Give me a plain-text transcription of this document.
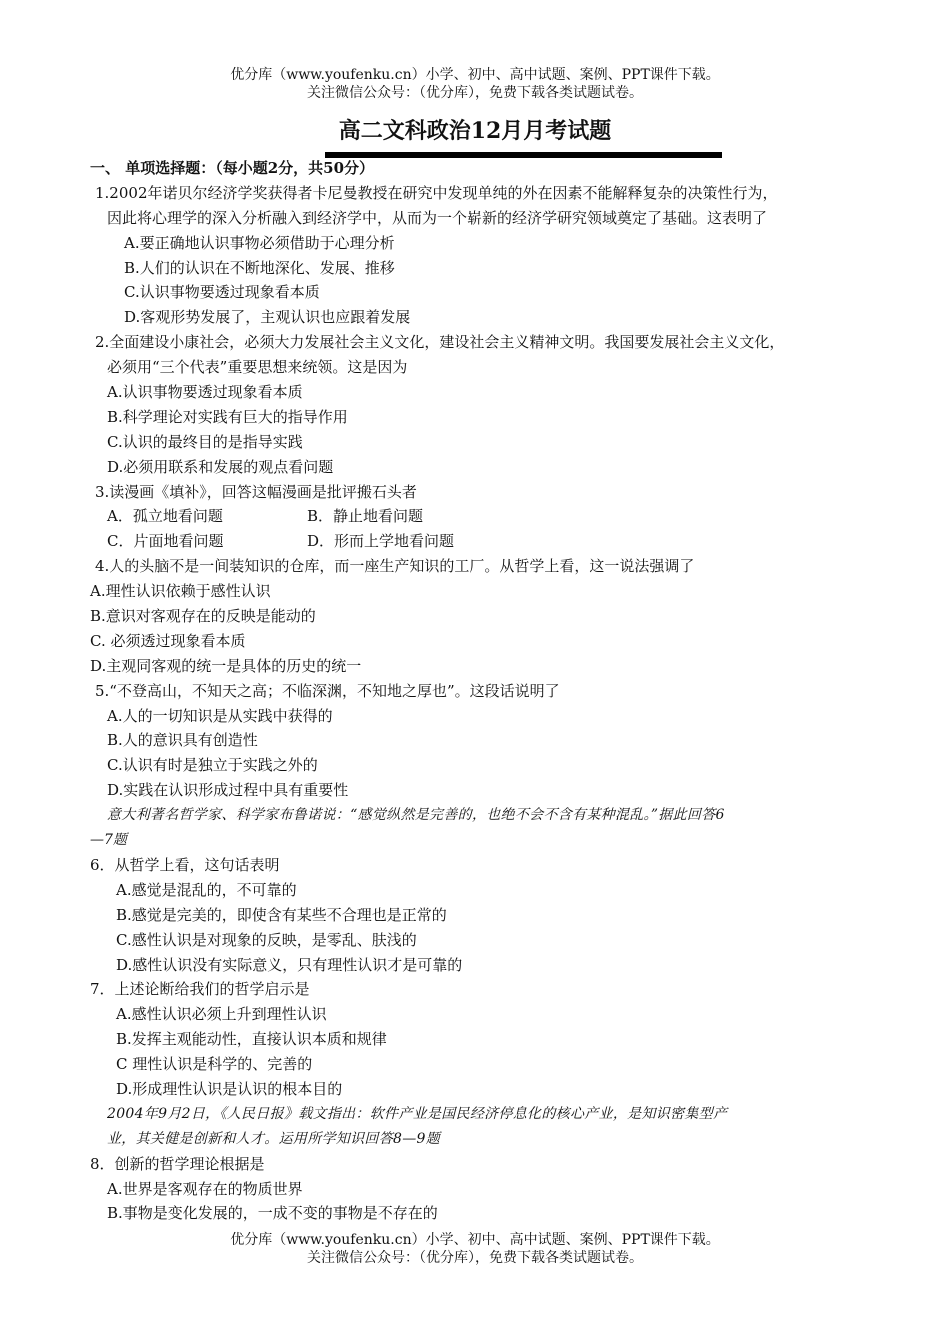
优分库（www.youfenku.cn）小学、初中、高中试题、案例、PPT课件下载。
关注微信公众号：（优分库），免费下载各类试题试卷。
高二文科政治12月月考试题
一、 单项选择题：（每小题2分，共50分）
1.2002年诺贝尔经济学奖获得者卡尼曼教授在研究中发现单纯的外在因素不能解释复杂的决策性行为，
因此将心理学的深入分析融入到经济学中，从而为一个崭新的经济学研究领域奠定了基础。这表明了
A.要正确地认识事物必须借助于心理分析
B.人们的认识在不断地深化、发展、推移
C.认识事物要透过现象看本质
D.客观形势发展了，主观认识也应跟着发展
2.全面建设小康社会，必须大力发展社会主义文化，建设社会主义精神文明。我国要发展社会主义文化，
必须用“三个代表”重要思想来统领。这是因为
A.认识事物要透过现象看本质
B.科学理论对实践有巨大的指导作用
C.认识的最终目的是指导实践
D.必须用联系和发展的观点看问题
3.读漫画《填补》，回答这幅漫画是批评搬石头者
A．孤立地看问题	B．静止地看问题
C．片面地看问题	D．形而上学地看问题
4.人的头脑不是一间装知识的仓库，而一座生产知识的工厂。从哲学上看，这一说法强调了
A.理性认识依赖于感性认识
B.意识对客观存在的反映是能动的
C. 必须透过现象看本质
D.主观同客观的统一是具体的历史的统一
5.“不登高山，不知天之高；不临深渊，不知地之厚也”。这段话说明了
A.人的一切知识是从实践中获得的
B.人的意识具有创造性
C.认识有时是独立于实践之外的
D.实践在认识形成过程中具有重要性
意大利著名哲学家、科学家布鲁诺说：“感觉纵然是完善的，也绝不会不含有某种混乱。”据此回答6
—7题
6．从哲学上看，这句话表明
A.感觉是混乱的，不可靠的
B.感觉是完美的，即使含有某些不合理也是正常的
C.感性认识是对现象的反映，是零乱、肤浅的
D.感性认识没有实际意义，只有理性认识才是可靠的
7．上述论断给我们的哲学启示是
A.感性认识必须上升到理性认识
B.发挥主观能动性，直接认识本质和规律
C 理性认识是科学的、完善的
D.形成理性认识是认识的根本目的
2004年9月2日，《人民日报》载文指出：软件产业是国民经济停息化的核心产业，是知识密集型产
业，其关健是创新和人才。运用所学知识回答8—9题
8．创新的哲学理论根据是
A.世界是客观存在的物质世界
B.事物是变化发展的，一成不变的事物是不存在的
优分库（www.youfenku.cn）小学、初中、高中试题、案例、PPT课件下载。
关注微信公众号：（优分库），免费下载各类试题试卷。
